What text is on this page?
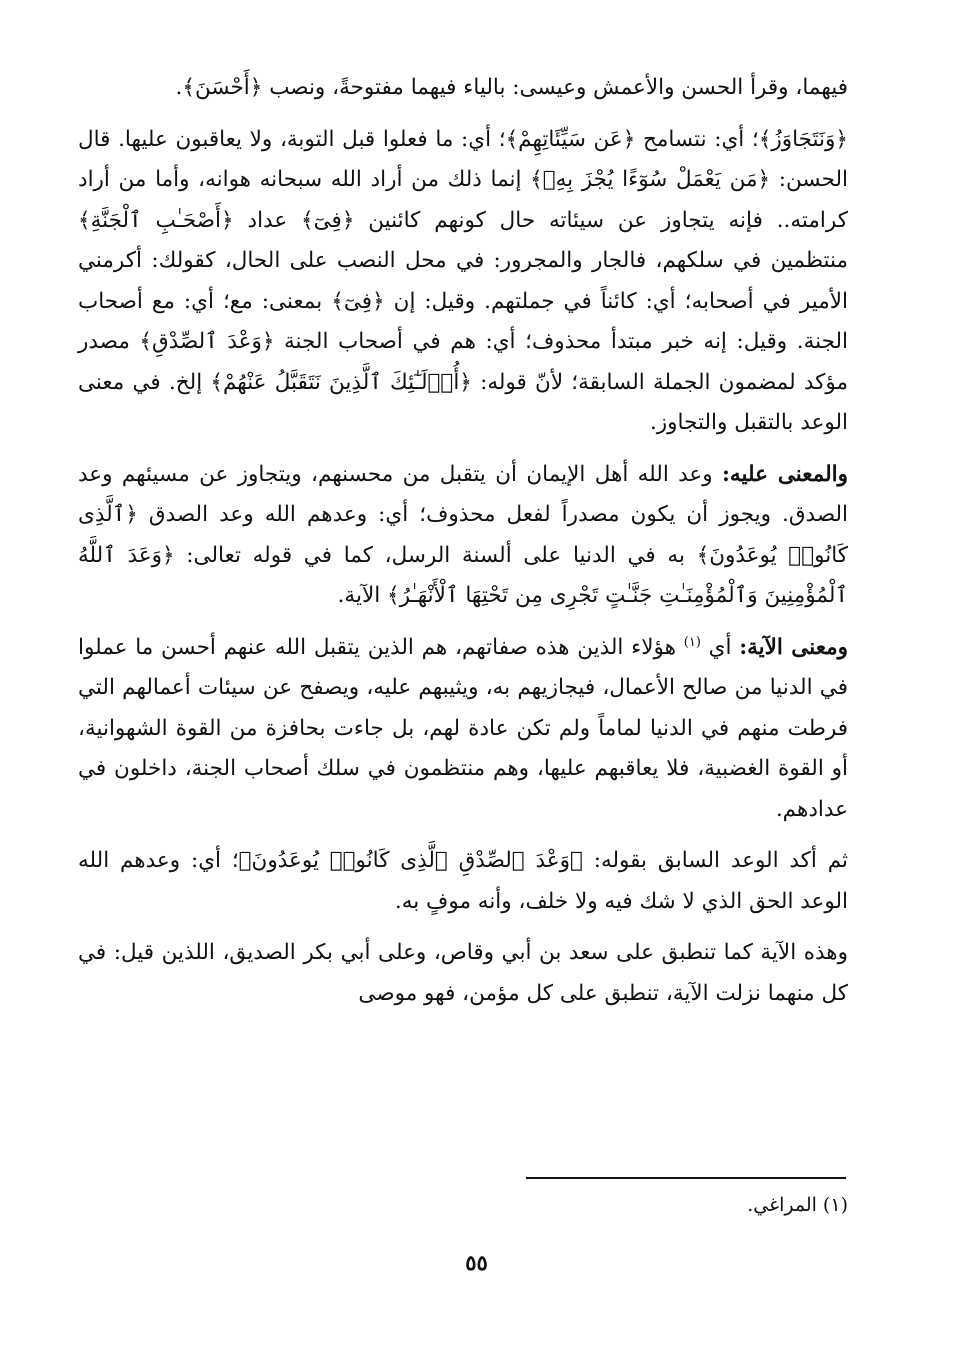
فيهما، وقرأ الحسن والأعمش وعيسى: بالياء فيهما مفتوحةً، ونصب ﴿أَحْسَنَ﴾.

﴿وَنَتَجَاوَزُ﴾؛ أي: نتسامح ﴿عَن سَيِّئَاتِهِمْ﴾؛ أي: ما فعلوا قبل التوبة، ولا يعاقبون عليها. قال الحسن: ﴿مَن يَعْمَلْ سُوٓءًا يُجْزَ بِهِۦ﴾ إنما ذلك من أراد الله سبحانه هوانه، وأما من أراد كرامته.. فإنه يتجاوز عن سيئاته حال كونهم كائنين ﴿فِىٓ﴾ عداد ﴿أَصْحَـٰبِ ٱلْجَنَّةِ﴾ منتظمين في سلكهم، فالجار والمجرور: في محل النصب على الحال، كقولك: أكرمني الأمير في أصحابه؛ أي: كائناً في جملتهم. وقيل: إن ﴿فِىٓ﴾ بمعنى: مع؛ أي: مع أصحاب الجنة. وقيل: إنه خبر مبتدأ محذوف؛ أي: هم في أصحاب الجنة ﴿وَعْدَ ٱلصِّدْقِ﴾ مصدر مؤكد لمضمون الجملة السابقة؛ لأنّ قوله: ﴿أُو۟لَـٰٓئِكَ ٱلَّذِينَ نَتَقَبَّلُ عَنْهُمْ﴾ إلخ. في معنى الوعد بالتقبل والتجاوز.

والمعنى عليه: وعد الله أهل الإيمان أن يتقبل من محسنهم، ويتجاوز عن مسيئهم وعد الصدق. ويجوز أن يكون مصدراً لفعل محذوف؛ أي: وعدهم الله وعد الصدق ﴿ٱلَّذِى كَانُوا۟ يُوعَدُونَ﴾ به في الدنيا على ألسنة الرسل، كما في قوله تعالى: ﴿وَعَدَ ٱللَّهُ ٱلْمُؤْمِنِينَ وَٱلْمُؤْمِنَـٰتِ جَنَّـٰتٍ تَجْرِى مِن تَحْتِهَا ٱلْأَنْهَـٰرُ﴾ الآية.

ومعنى الآية: أي $^{(١)}$ هؤلاء الذين هذه صفاتهم، هم الذين يتقبل الله عنهم أحسن ما عملوا في الدنيا من صالح الأعمال، فيجازيهم به، ويثيبهم عليه، ويصفح عن سيئات أعمالهم التي فرطت منهم في الدنيا لماماً ولم تكن عادة لهم، بل جاءت بحافزة من القوة الشهوانية، أو القوة الغضبية، فلا يعاقبهم عليها، وهم منتظمون في سلك أصحاب الجنة، داخلون في عدادهم.

ثم أكد الوعد السابق بقوله: ﴿وَعْدَ ٱلصِّدْقِ ٱلَّذِى كَانُوا۟ يُوعَدُونَ﴾؛ أي: وعدهم الله الوعد الحق الذي لا شك فيه ولا خلف، وأنه موفٍ به.

وهذه الآية كما تنطبق على سعد بن أبي وقاص، وعلى أبي بكر الصديق، اللذين قيل: في كل منهما نزلت الآية، تنطبق على كل مؤمن، فهو موصى

(١) المراغي.
٥٥
